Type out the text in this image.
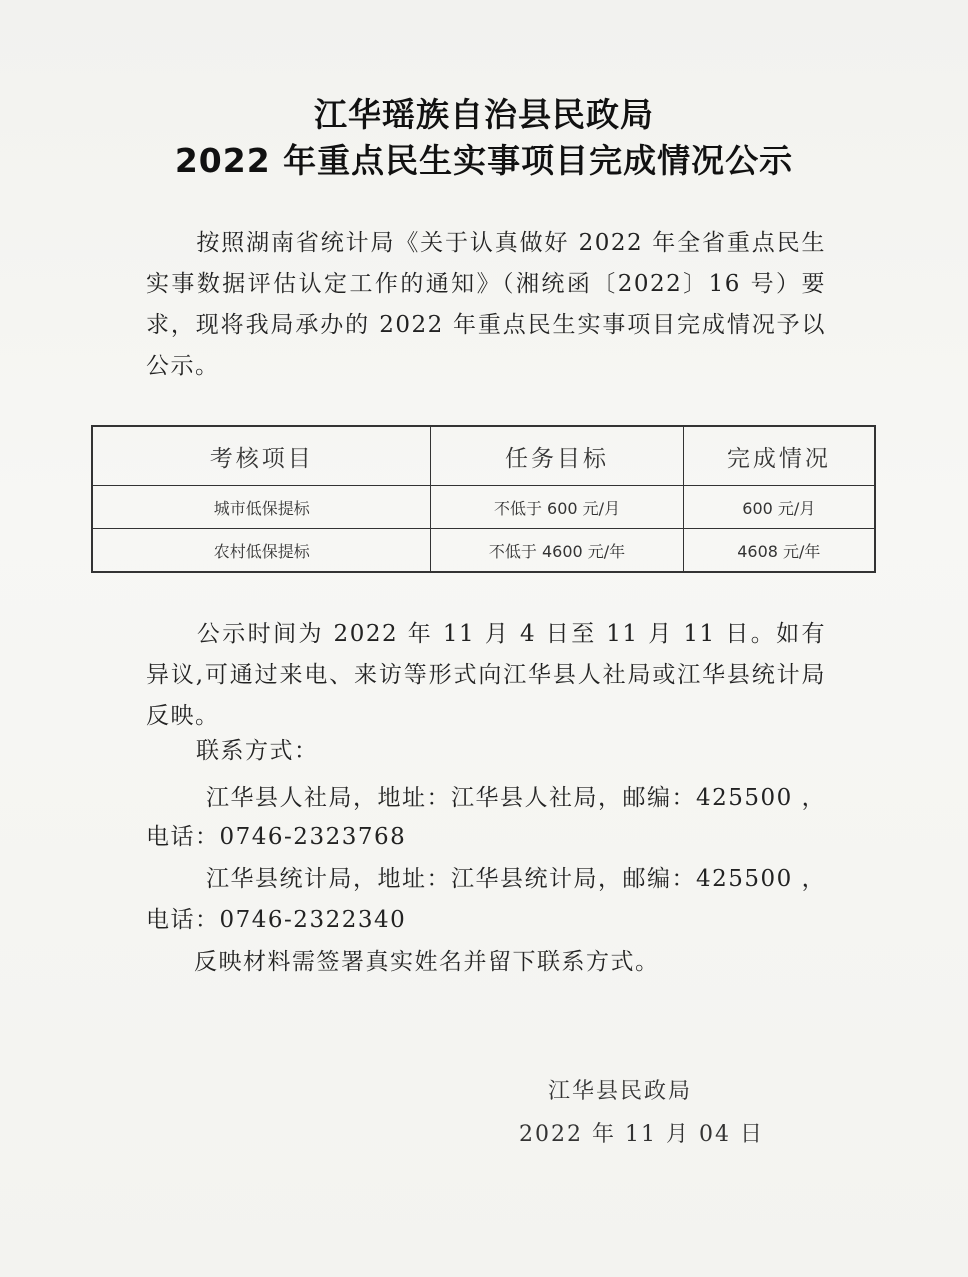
江华瑶族自治县民政局
2022 年重点民生实事项目完成情况公示
按照湖南省统计局《关于认真做好 2022 年全省重点民生实事数据评估认定工作的通知》（湘统函〔2022〕16 号）要求，现将我局承办的 2022 年重点民生实事项目完成情况予以公示。
考核项目	任务目标	完成情况
城市低保提标	不低于 600 元/月	600 元/月
农村低保提标	不低于 4600 元/年	4608 元/年
公示时间为 2022 年 11 月 4 日至 11 月 11 日。如有异议,可通过来电、来访等形式向江华县人社局或江华县统计局反映。
联系方式：
江华县人社局，地址：江华县人社局，邮编：425500 ，
电话：0746-2323768
江华县统计局，地址：江华县统计局，邮编：425500 ，
电话：0746-2322340
反映材料需签署真实姓名并留下联系方式。
江华县民政局
2022 年 11 月 04 日
